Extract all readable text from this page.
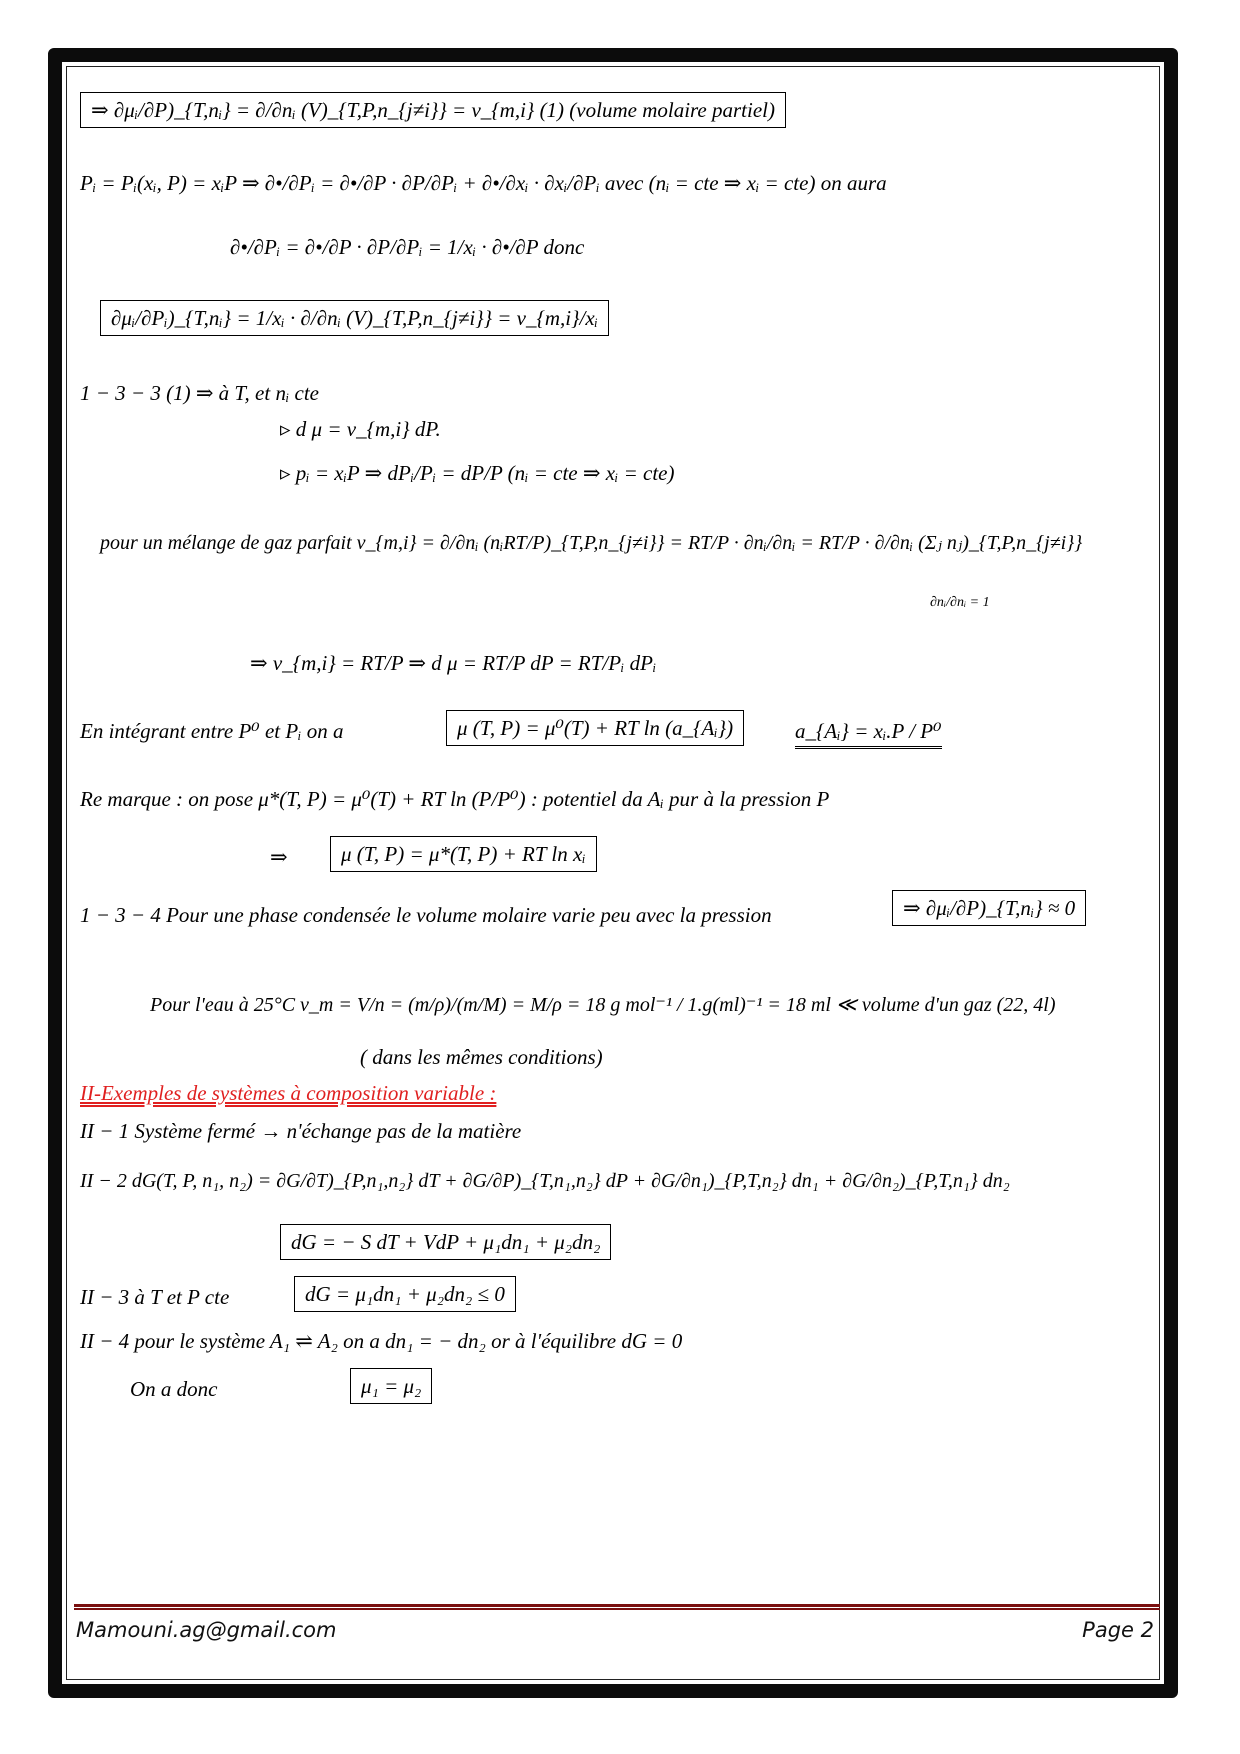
⇒ ∂μᵢ/∂P)_{T,nᵢ} = ∂/∂nᵢ (V)_{T,P,n_{j≠i}} = v_{m,i} (1) (volume molaire partiel)
Pᵢ = Pᵢ(xᵢ, P) = xᵢP ⇒ ∂•/∂Pᵢ = ∂•/∂P · ∂P/∂Pᵢ + ∂•/∂xᵢ · ∂xᵢ/∂Pᵢ avec (nᵢ = cte ⇒ xᵢ = cte) on aura
∂•/∂Pᵢ = ∂•/∂P · ∂P/∂Pᵢ = 1/xᵢ · ∂•/∂P donc
∂μᵢ/∂Pᵢ)_{T,nᵢ} = 1/xᵢ · ∂/∂nᵢ (V)_{T,P,n_{j≠i}} = v_{m,i}/xᵢ
1 − 3 − 3 (1) ⇒ à T, et nᵢ cte
▹ d μ = v_{m,i} dP.
▹ pᵢ = xᵢP ⇒ dPᵢ/Pᵢ = dP/P (nᵢ = cte ⇒ xᵢ = cte)
pour un mélange de gaz parfait v_{m,i} = ∂/∂nᵢ (nᵢRT/P)_{T,P,n_{j≠i}} = RT/P · ∂nᵢ/∂nᵢ = RT/P · ∂/∂nᵢ (Σⱼ nⱼ)_{T,P,n_{j≠i}}
∂nᵢ/∂nᵢ = 1
⇒ v_{m,i} = RT/P ⇒ d μ = RT/P dP = RT/Pᵢ dPᵢ
En intégrant entre P⁰ et Pᵢ on a	μ (T, P) = μ⁰(T) + RT ln (a_{Aᵢ})	a_{Aᵢ} = xᵢ.P / P⁰
Re marque : on pose μ*(T, P) = μ⁰(T) + RT ln (P/P⁰) : potentiel da Aᵢ pur à la pression P
⇒	μ (T, P) = μ*(T, P) + RT ln xᵢ
1 − 3 − 4 Pour une phase condensée le volume molaire varie peu avec la pression	⇒ ∂μᵢ/∂P)_{T,nᵢ} ≈ 0
Pour l'eau à 25°C v_m = V/n = (m/ρ)/(m/M) = M/ρ = 18 g mol⁻¹ / 1.g(ml)⁻¹ = 18 ml ≪ volume d'un gaz (22, 4l)
( dans les mêmes conditions)
II-Exemples de systèmes à composition variable :
II − 1 Système fermé → n'échange pas de la matière
II − 2 dG(T, P, n₁, n₂) = ∂G/∂T)_{P,n₁,n₂} dT + ∂G/∂P)_{T,n₁,n₂} dP + ∂G/∂n₁)_{P,T,n₂} dn₁ + ∂G/∂n₂)_{P,T,n₁} dn₂
dG = − S dT + VdP + μ₁dn₁ + μ₂dn₂
II − 3 à T et P cte	dG = μ₁dn₁ + μ₂dn₂ ≤ 0
II − 4 pour le système A₁ ⇌ A₂ on a dn₁ = − dn₂ or à l'équilibre dG = 0
On a donc	μ₁ = μ₂
Mamouni.ag@gmail.com	Page 2
